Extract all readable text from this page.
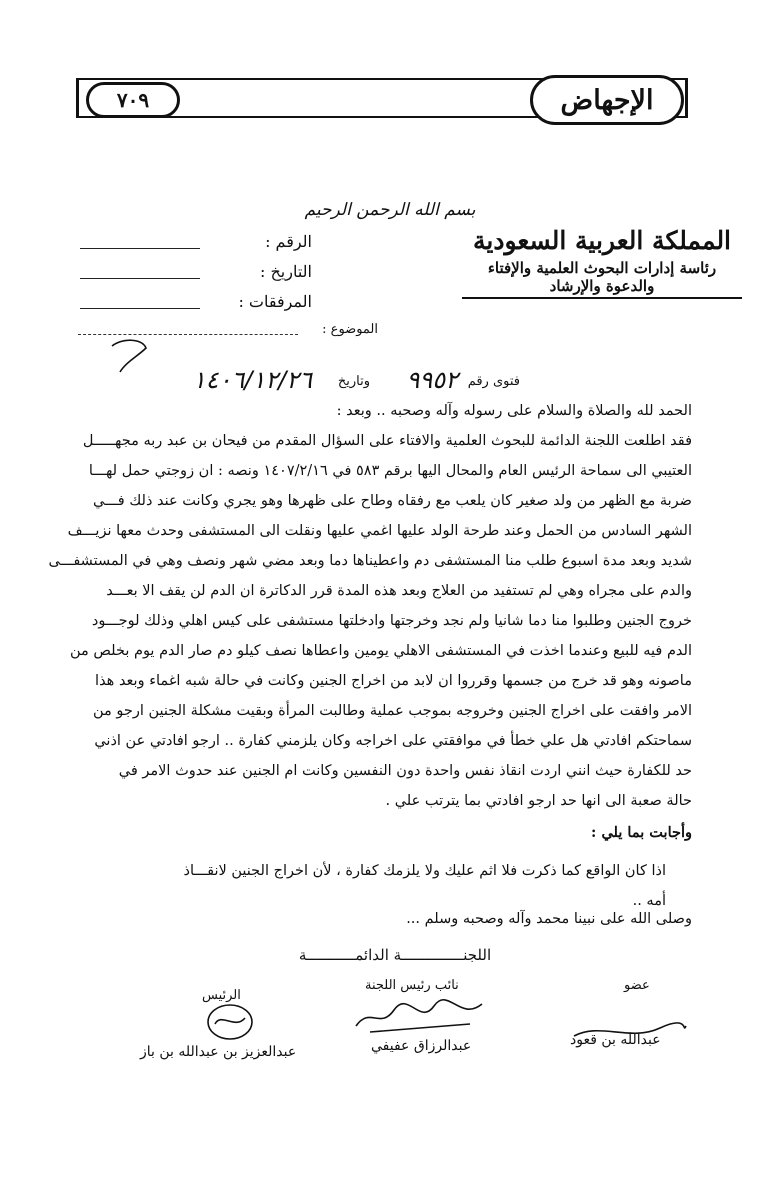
٧٠٩	الإجهاض
بسم الله الرحمن الرحيم
المملكة العربية السعودية
رئاسة إدارات البحوث العلمية والإفتاء والدعوة والإرشاد
الرقم :
التاريخ :
المرفقات :
الموضوع :
فتوى رقم
٩٩٥٢
وتاريخ
١٤٠٦/١٢/٢٦
الحمد لله والصلاة والسلام على رسوله وآله وصحبه .. وبعد :
فقد اطلعت اللجنة الدائمة للبحوث العلمية والافتاء على السؤال المقدم من فيحان بن عبد ربه مجهـــــل
العتيبي الى سماحة الرئيس العام والمحال اليها برقم ٥٨٣ في ١٤٠٧/٢/١٦ ونصه : ان زوجتي حمل لهـــا
ضربة مع الظهر من ولد صغير كان يلعب مع رفقاه وطاح على ظهرها وهو يجري وكانت عند ذلك فـــي
الشهر السادس من الحمل وعند طرحة الولد عليها اغمي عليها ونقلت الى المستشفى وحدث معها نزيـــف
شديد وبعد مدة اسبوع طلب منا المستشفى دم واعطيناها دما وبعد مضي شهر ونصف وهي في المستشفـــى
والدم على مجراه وهي لم تستفيد من العلاج وبعد هذه المدة قرر الدكاترة ان الدم لن يقف الا بعـــد
خروج الجنين وطلبوا منا دما شانيا ولم نجد وخرجتها وادخلتها مستشفى على كيس اهلي وذلك لوجـــود
الدم فيه للبيع وعندما اخذت في المستشفى الاهلي يومين واعطاها نصف كيلو دم صار الدم يوم بخلص من
ماصونه وهو قد خرج من جسمها وقرروا ان لابد من اخراج الجنين وكانت في حالة شبه اغماء وبعد هذا
الامر وافقت على اخراج الجنين وخروجه بموجب عملية وطالبت المرأة وبقيت مشكلة الجنين ارجو من
سماحتكم افادتي هل علي خطأ في موافقتي على اخراجه وكان يلزمني كفارة .. ارجو افادتي عن اذني
حد للكفارة حيث انني اردت انقاذ نفس واحدة دون النفسين وكانت ام الجنين عند حدوث الامر في
حالة صعبة الى انها حد ارجو افادتي بما يترتب علي .
وأجابت بما يلي :
اذا كان الواقع كما ذكرت فلا اثم عليك ولا يلزمك كفارة ، لأن اخراج الجنين لانقـــاذ
أمه ..
وصلى الله على نبينا محمد وآله وصحبه وسلم ...
اللجنــــــــــــــة الدائمـــــــــــة
الرئيس
عبدالعزيز بن عبدالله بن باز
نائب رئيس اللجنة
عبدالرزاق عفيفي
عضو
عبدالله بن قعود
